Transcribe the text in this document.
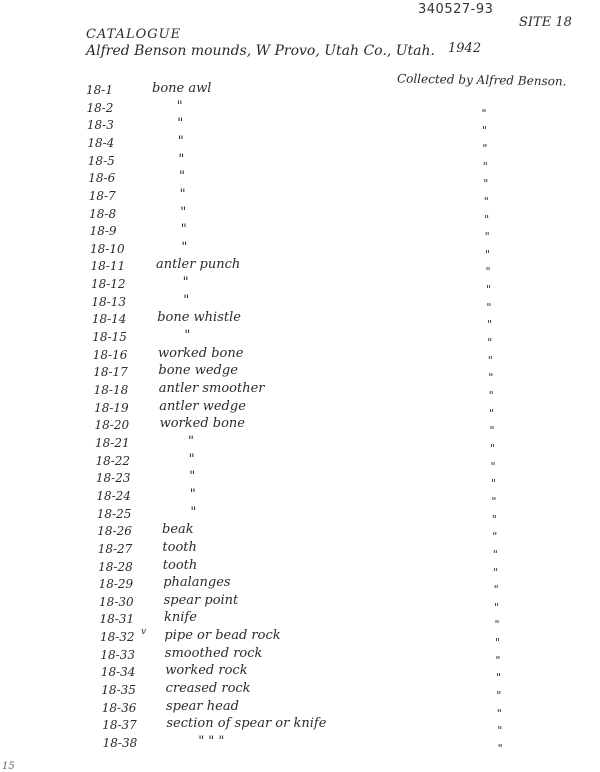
340527-93
SITE 18
CATALOGUE
Alfred Benson mounds, W Provo, Utah Co., Utah. 1942
Collected by Alfred Benson.
18-1	bone awl
18-2	"	"
18-3	"	"
18-4	"	"
18-5	"	"
18-6	"	"
18-7	"	"
18-8	"	"
18-9	"	"
18-10	"	"
18-11 antler punch	"
18-12	"	"
18-13	"	"
18-14 bone whistle	"
18-15	"	"
18-16 worked bone	"
18-17 bone wedge	"
18-18 antler smoother	"
18-19 antler wedge	"
18-20 worked bone	"
18-21	"	"
18-22	"	"
18-23	"	"
18-24	"	"
18-25	"	"
18-26 beak	"
18-27 tooth	"
18-28 tooth	"
18-29 phalanges	"
18-30 spear point	"
18-31 knife	"
18-32 pipe or bead rock	"
18-33 smoothed rock	"
18-34 worked rock	"
18-35 creased rock	"
18-36 spear head	"
18-37 section of spear or knife	"
18-38	" " "	"
v
15
